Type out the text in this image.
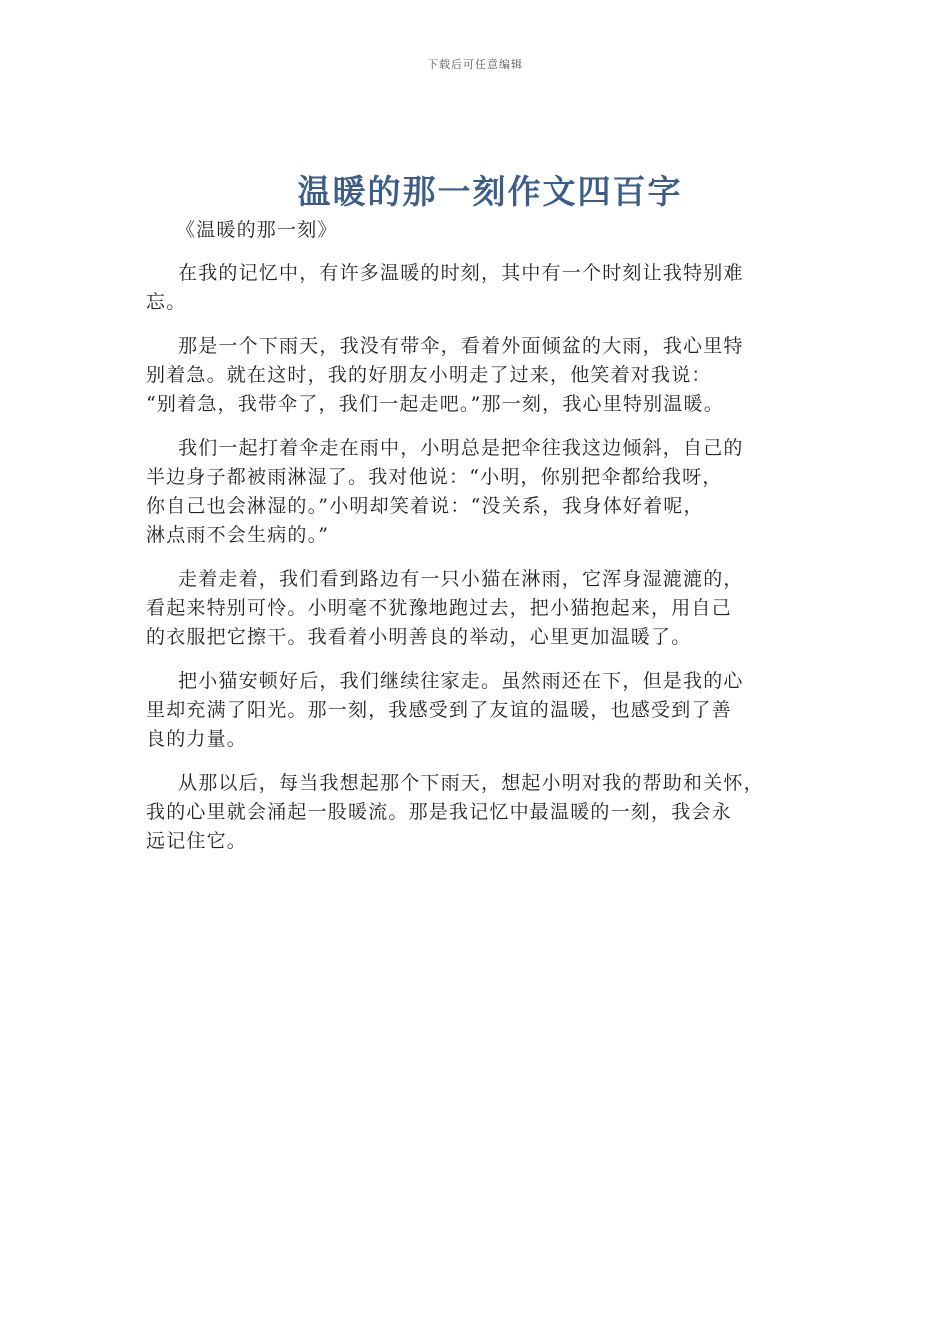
下载后可任意编辑
温暖的那一刻作文四百字

《温暖的那一刻》

在我的记忆中，有许多温暖的时刻，其中有一个时刻让我特别难
忘。

那是一个下雨天，我没有带伞，看着外面倾盆的大雨，我心里特
别着急。就在这时，我的好朋友小明走了过来，他笑着对我说：
“别着急，我带伞了，我们一起走吧。”那一刻，我心里特别温暖。

我们一起打着伞走在雨中，小明总是把伞往我这边倾斜，自己的
半边身子都被雨淋湿了。我对他说：“小明，你别把伞都给我呀，
你自己也会淋湿的。”小明却笑着说：“没关系，我身体好着呢，
淋点雨不会生病的。”

走着走着，我们看到路边有一只小猫在淋雨，它浑身湿漉漉的，
看起来特别可怜。小明毫不犹豫地跑过去，把小猫抱起来，用自己
的衣服把它擦干。我看着小明善良的举动，心里更加温暖了。

把小猫安顿好后，我们继续往家走。虽然雨还在下，但是我的心
里却充满了阳光。那一刻，我感受到了友谊的温暖，也感受到了善
良的力量。

从那以后，每当我想起那个下雨天，想起小明对我的帮助和关怀，
我的心里就会涌起一股暖流。那是我记忆中最温暖的一刻，我会永
远记住它。
